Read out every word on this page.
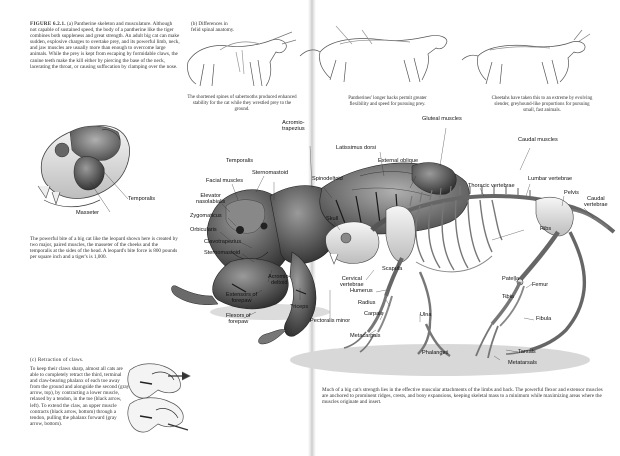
FIGURE 6.2.1. (a) Pantherine skeleton and musculature. Although not capable of sustained speed, the body of a pantherine like the tiger combines both suppleness and great strength. An adult big cat can make sudden, explosive charges to overtake prey, and its powerful limb, neck, and jaw muscles are usually more than enough to overcome large animals. While the prey is kept from escaping by formidable claws, the canine teeth make the kill either by piercing the base of the neck, lacerating the throat, or causing suffocation by clamping over the nose.
(b) Differences in
felid spinal anatomy.
The shortened spines of sabertooths produced enhanced stability for the cat while they wrestled prey to the ground.
Pantherines' longer backs permit greater flexibility and speed for pursuing prey.
Cheetahs have taken this to an extreme by evolving slender, greyhound-like proportions for pursuing small, fast animals.
Temporalis
Masseter
The powerful bite of a big cat like the leopard shown here is created by two major, paired muscles, the masseter of the cheeks and the temporalis at the sides of the head. A leopard's bite force is 800 pounds per square inch and a tiger's is 1,000.
(c) Retraction of claws.
To keep their claws sharp, almost all cats are able to completely retract the third, terminal and claw-bearing phalanx of each toe away from the ground and alongside the second (gray arrow, top), by contracting a lower muscle, relaxed by a tendon, in the toe (black arrow, left). To extend the claw, an upper muscle contracts (black arrow, bottom) through a tendon, pulling the phalanx forward (gray arrow, bottom).
Much of a big cat's strength lies in the effective muscular attachments of the limbs and back. The powerful flexor and extensor muscles are anchored to prominent ridges, crests, and bony expansions, keeping skeletal mass to a minimum while maximizing areas where the muscles originate and insert.
Acromio-
trapezius
Latissimus dorsi
Gluteal muscles
Caudal muscles
Temporalis
Sternomastoid
Spinodeltoid
External oblique
Facial muscles
Elevator
nasolabialis
Zygomaticus
Orbicularis
Clavotrapezius
Sternomastoid
Acromio-
deltoid
Extensors of
forepaw
Flexors of
forepaw
Triceps
Pectoralis minor
Thoracic vertebrae
Lumbar vertebrae
Pelvis
Caudal
vertebrae
Skull
Ribs
Scapula
Cervical
vertebrae
Humerus
Radius
Carpals	Ulna
Metacarpals
Phalanges
Patella
Femur
Tibia
Fibula
Tarsals
Metatarsals
